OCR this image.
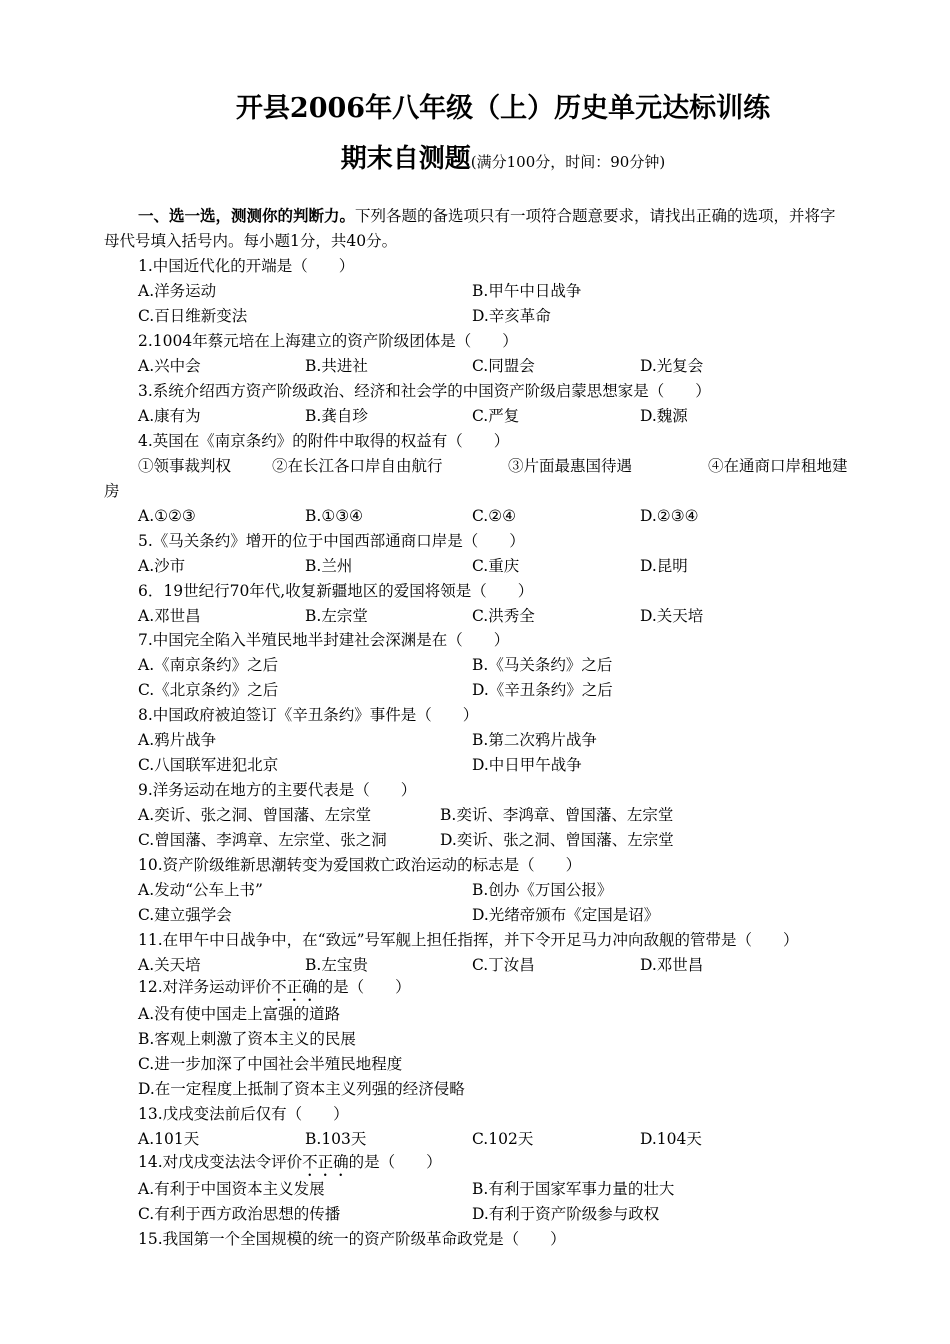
开县2006年八年级（上）历史单元达标训练
期末自测题(满分100分，时间：90分钟)
一、选一选，测测你的判断力。下列各题的备选项只有一项符合题意要求，请找出正确的选项，并将字
母代号填入括号内。每小题1分，共40分。
1.中国近代化的开端是（　　）
A.洋务运动	B.甲午中日战争
C.百日维新变法	D.辛亥革命
2.1004年蔡元培在上海建立的资产阶级团体是（　　）
A.兴中会	B.共进社	C.同盟会	D.光复会
3.系统介绍西方资产阶级政治、经济和社会学的中国资产阶级启蒙思想家是（　　）
A.康有为	B.龚自珍	C.严复	D.魏源
4.英国在《南京条约》的附件中取得的权益有（　　）
①领事裁判权	②在长江各口岸自由航行	③片面最惠国待遇	④在通商口岸租地建
房
A.①②③	B.①③④	C.②④	D.②③④
5.《马关条约》增开的位于中国西部通商口岸是（　　）
A.沙市	B.兰州	C.重庆	D.昆明
6．19世纪行70年代,收复新疆地区的爱国将领是（　　）
A.邓世昌	B.左宗堂	C.洪秀全	D.关天培
7.中国完全陷入半殖民地半封建社会深渊是在（　　）
A.《南京条约》之后	B.《马关条约》之后
C.《北京条约》之后	D.《辛丑条约》之后
8.中国政府被迫签订《辛丑条约》事件是（　　）
A.鸦片战争	B.第二次鸦片战争
C.八国联军进犯北京	D.中日甲午战争
9.洋务运动在地方的主要代表是（　　）
A.奕䜣、张之洞、曾国藩、左宗堂	B.奕䜣、李鸿章、曾国藩、左宗堂
C.曾国藩、李鸿章、左宗堂、张之洞	D.奕䜣、张之洞、曾国藩、左宗堂
10.资产阶级维新思潮转变为爱国救亡政治运动的标志是（　　）
A.发动“公车上书”	B.创办《万国公报》
C.建立强学会	D.光绪帝颁布《定国是诏》
11.在甲午中日战争中，在“致远”号军舰上担任指挥，并下令开足马力冲向敌舰的管带是（　　）
A.关天培	B.左宝贵	C.丁汝昌	D.邓世昌
12.对洋务运动评价不正确的是（　　）
A.没有使中国走上富强的道路
B.客观上刺激了资本主义的民展
C.进一步加深了中国社会半殖民地程度
D.在一定程度上抵制了资本主义列强的经济侵略
13.戊戌变法前后仅有（　　）
A.101天	B.103天	C.102天	D.104天
14.对戊戌变法法令评价不正确的是（　　）
A.有利于中国资本主义发展	B.有利于国家军事力量的壮大
C.有利于西方政治思想的传播	D.有利于资产阶级参与政权
15.我国第一个全国规模的统一的资产阶级革命政党是（　　）
